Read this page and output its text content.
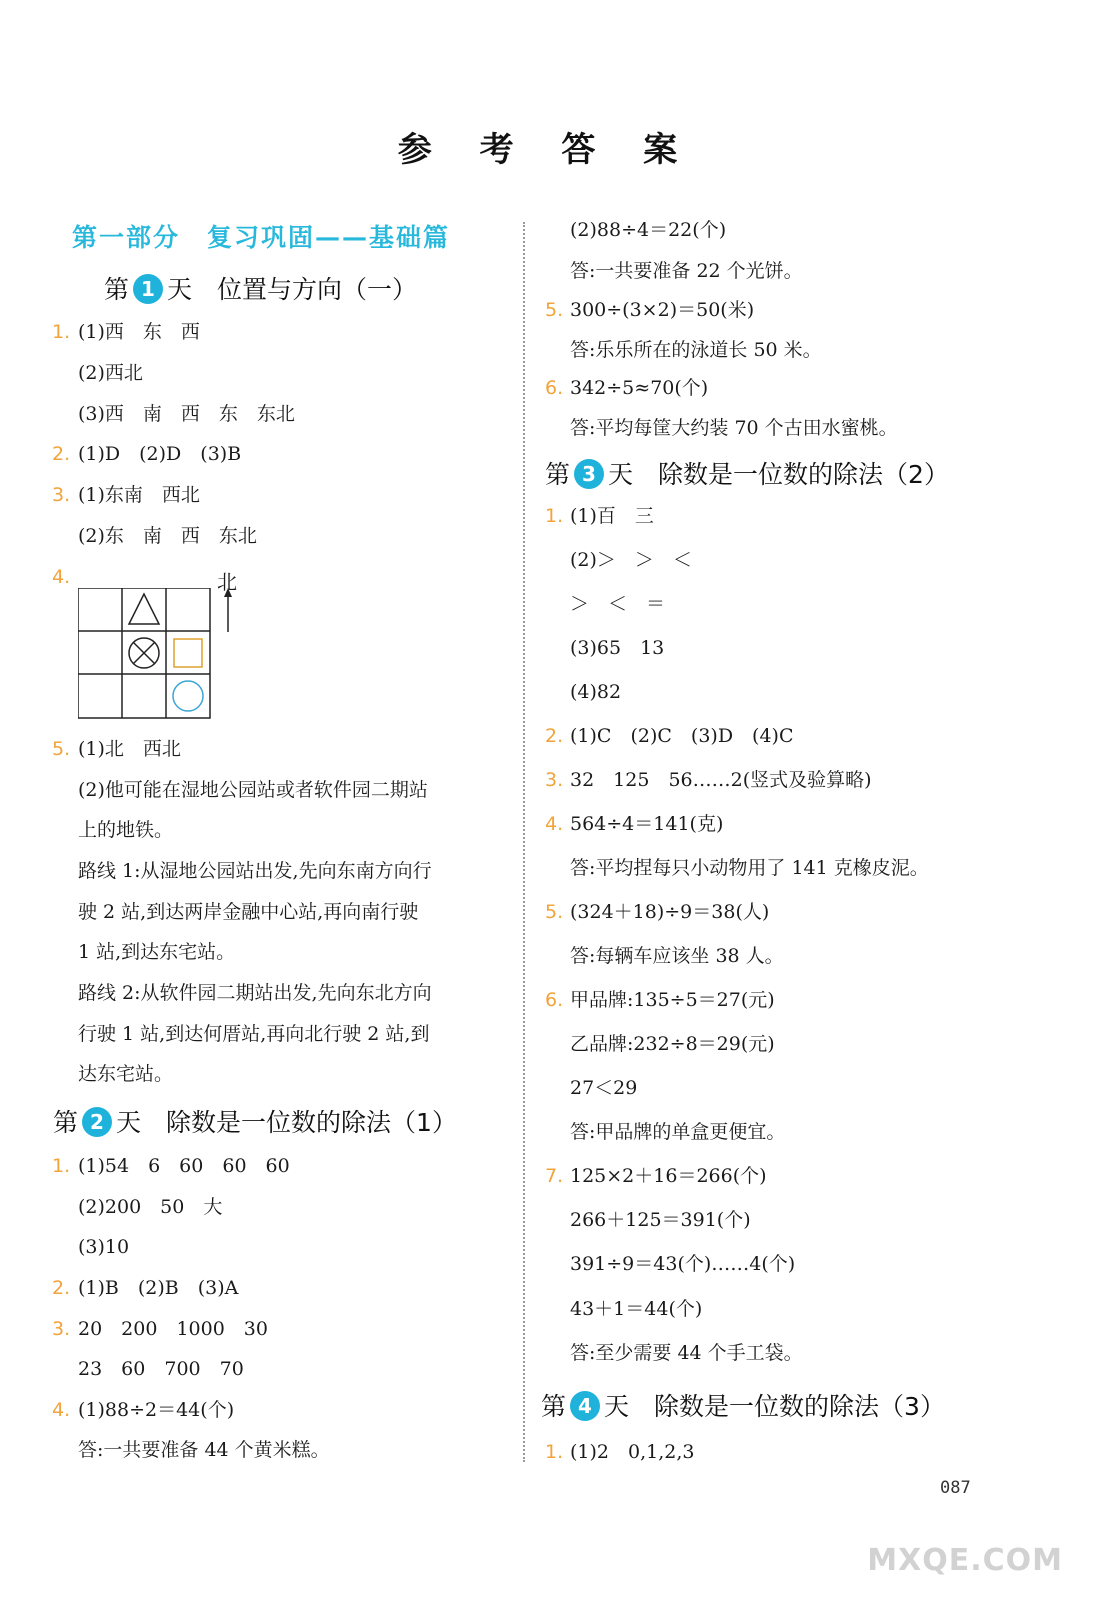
参 考 答 案
第一部分　复习巩固——基础篇
第 1 天　 位置与方向（一）
第 2 天　 除数是一位数的除法（1）
第 3 天　 除数是一位数的除法（2）
第 4 天　 除数是一位数的除法（3）
1. (1)西　东　西
(2)西北
(3)西　南　西　东　东北
2. (1)D　(2)D　(3)B
3. (1)东南　西北
(2)东　南　西　东北
4.
5. (1)北　西北
(2)他可能在湿地公园站或者软件园二期站
上的地铁。
路线 1:从湿地公园站出发,先向东南方向行
驶 2 站,到达两岸金融中心站,再向南行驶
1 站,到达东宅站。
路线 2:从软件园二期站出发,先向东北方向
行驶 1 站,到达何厝站,再向北行驶 2 站,到
达东宅站。
1. (1)54　6　60　60　60
(2)200　50　大
(3)10
2. (1)B　(2)B　(3)A
3. 20　200　1000　30
23　60　700　70
4. (1)88÷2＝44(个)
答:一共要准备 44 个黄米糕。
(2)88÷4＝22(个)
答:一共要准备 22 个光饼。
5. 300÷(3×2)＝50(米)
答:乐乐所在的泳道长 50 米。
6. 342÷5≈70(个)
答:平均每筐大约装 70 个古田水蜜桃。
1. (1)百　三
(2)＞　＞　＜
＞　＜　＝
(3)65　13
(4)82
2. (1)C　(2)C　(3)D　(4)C
3. 32　125　56……2(竖式及验算略)
4. 564÷4＝141(克)
答:平均捏每只小动物用了 141 克橡皮泥。
5. (324＋18)÷9＝38(人)
答:每辆车应该坐 38 人。
6. 甲品牌:135÷5＝27(元)
乙品牌:232÷8＝29(元)
27＜29
答:甲品牌的单盒更便宜。
7. 125×2＋16＝266(个)
266＋125＝391(个)
391÷9＝43(个)……4(个)
43＋1＝44(个)
答:至少需要 44 个手工袋。
1. (1)2　0,1,2,3
北
087
MXQE.COM
